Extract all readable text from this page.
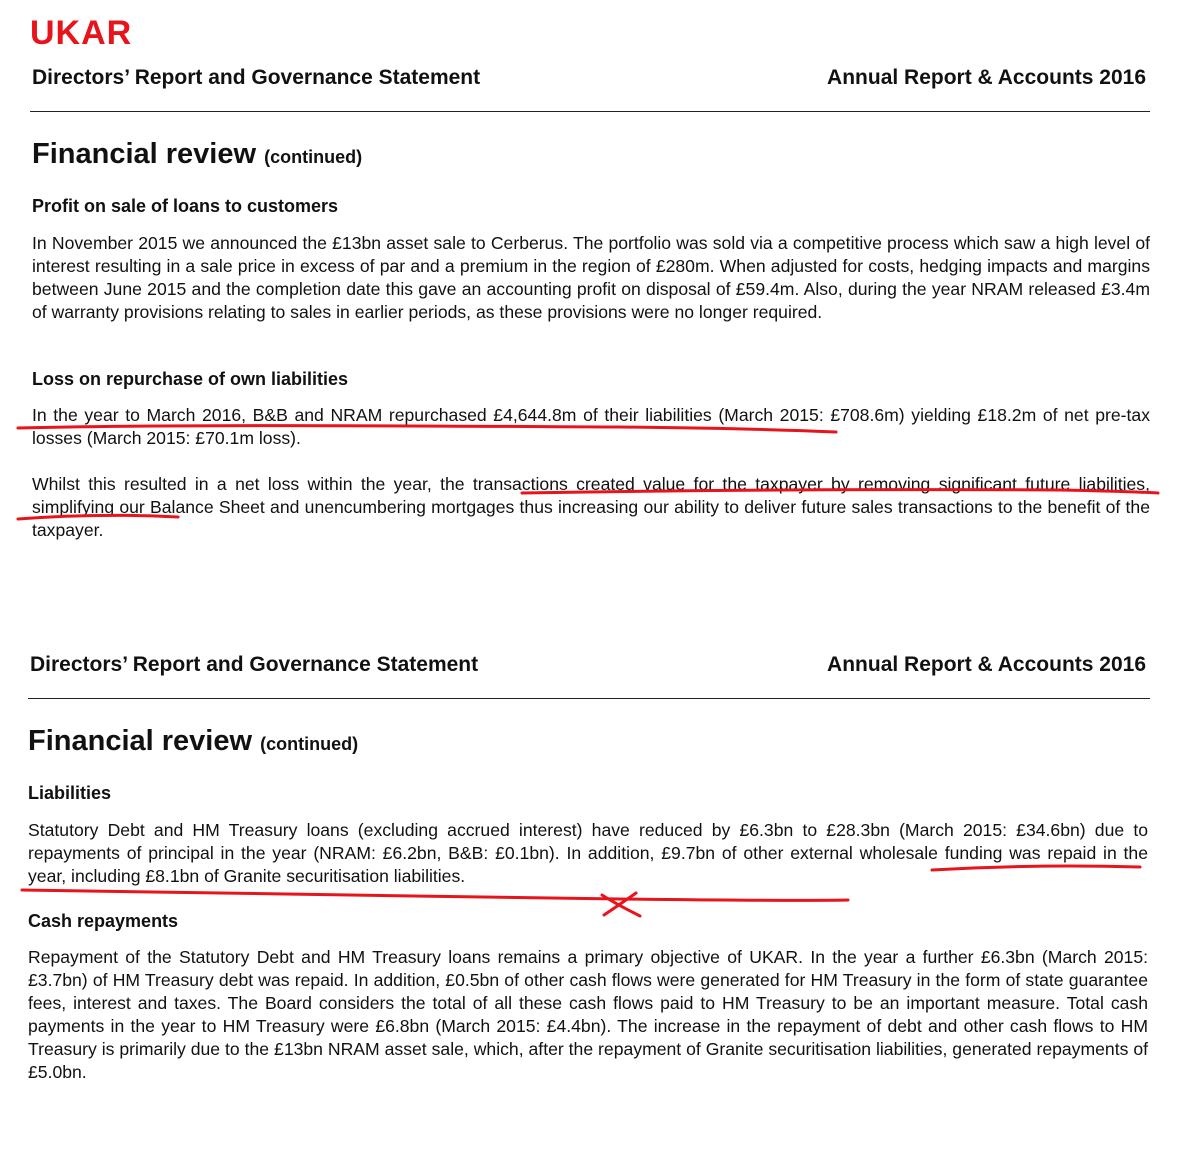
UKAR
Directors’ Report and Governance Statement	Annual Report & Accounts 2016
Financial review (continued)
Profit on sale of loans to customers
In November 2015 we announced the £13bn asset sale to Cerberus. The portfolio was sold via a competitive process which saw a high level of interest resulting in a sale price in excess of par and a premium in the region of £280m. When adjusted for costs, hedging impacts and margins between June 2015 and the completion date this gave an accounting profit on disposal of £59.4m. Also, during the year NRAM released £3.4m of warranty provisions relating to sales in earlier periods, as these provisions were no longer required.
Loss on repurchase of own liabilities
In the year to March 2016, B&B and NRAM repurchased £4,644.8m of their liabilities (March 2015: £708.6m) yielding £18.2m of net pre-tax losses (March 2015: £70.1m loss).
Whilst this resulted in a net loss within the year, the transactions created value for the taxpayer by removing significant future liabilities, simplifying our Balance Sheet and unencumbering mortgages thus increasing our ability to deliver future sales transactions to the benefit of the taxpayer.
Directors’ Report and Governance Statement	Annual Report & Accounts 2016
Financial review (continued)
Liabilities
Statutory Debt and HM Treasury loans (excluding accrued interest) have reduced by £6.3bn to £28.3bn (March 2015: £34.6bn) due to repayments of principal in the year (NRAM: £6.2bn, B&B: £0.1bn). In addition, £9.7bn of other external wholesale funding was repaid in the year, including £8.1bn of Granite securitisation liabilities.
Cash repayments
Repayment of the Statutory Debt and HM Treasury loans remains a primary objective of UKAR. In the year a further £6.3bn (March 2015: £3.7bn) of HM Treasury debt was repaid. In addition, £0.5bn of other cash flows were generated for HM Treasury in the form of state guarantee fees, interest and taxes. The Board considers the total of all these cash flows paid to HM Treasury to be an important measure. Total cash payments in the year to HM Treasury were £6.8bn (March 2015: £4.4bn). The increase in the repayment of debt and other cash flows to HM Treasury is primarily due to the £13bn NRAM asset sale, which, after the repayment of Granite securitisation liabilities, generated repayments of £5.0bn.
